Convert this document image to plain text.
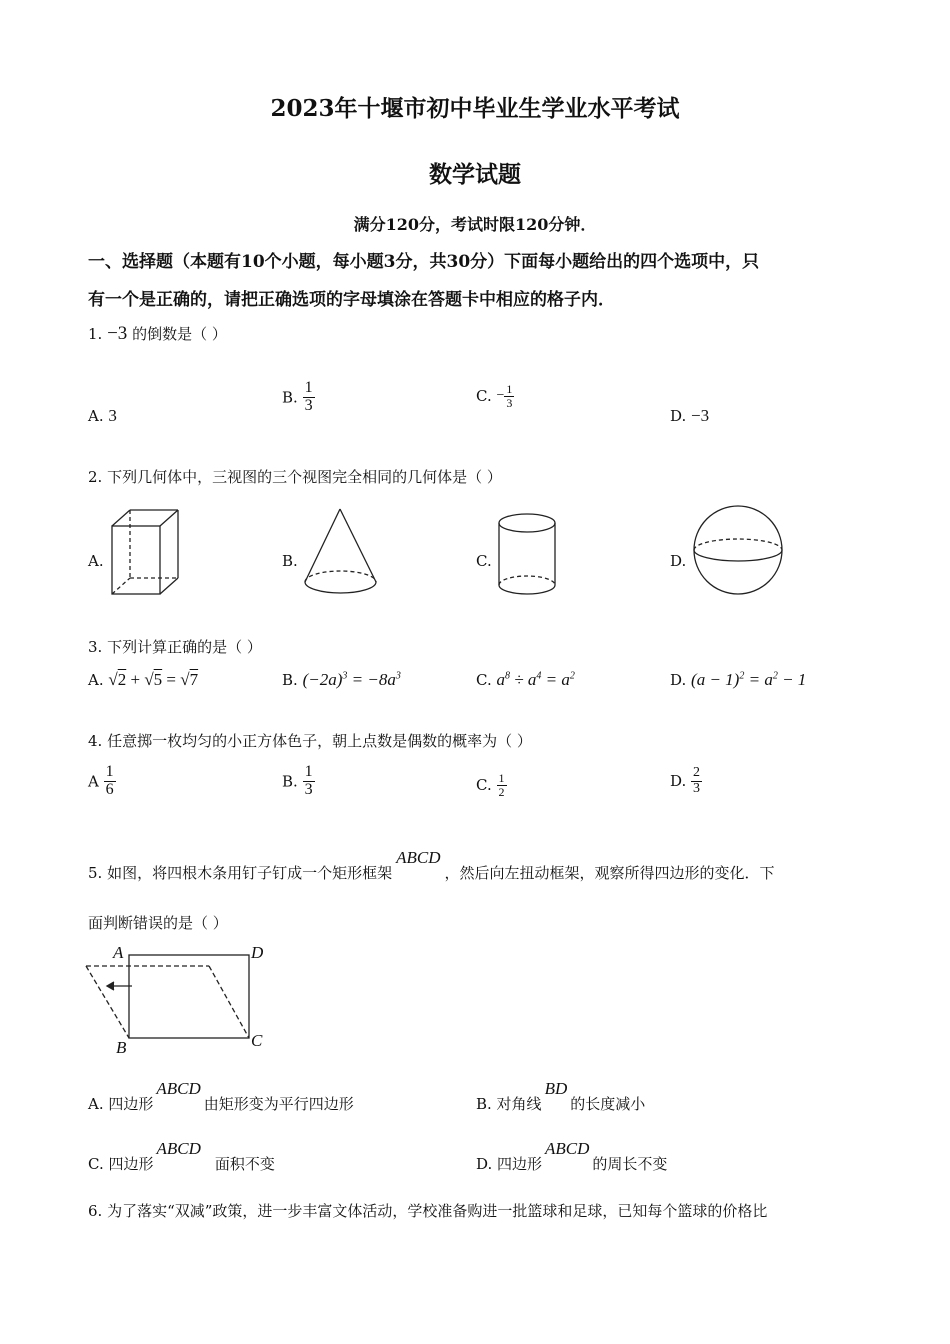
2023年十堰市初中毕业生学业水平考试
数学试题
满分120分，考试时限120分钟．
一、选择题（本题有10个小题，每小题3分，共30分）下面每小题给出的四个选项中，只
有一个是正确的，请把正确选项的字母填涂在答题卡中相应的格子内．
1. −3 的倒数是（ ）
A. 3
B. $\frac{1}{3}$	C. − $\frac{1}{3}$
D. −3
2. 下列几何体中，三视图的三个视图完全相同的几何体是（ ）
A.	B.	C.	D.
3. 下列计算正确的是（ ）
A. √2 + √5 = √7	B. $(-2a)^3 = -8a^3$	C. $a^8 \div a^4 = a^2$	D. $(a - 1)^2 = a^2 - 1$
4. 任意掷一枚均匀的小正方体色子，朝上点数是偶数的概率为（ ）
A $\frac{1}{6}$	B. $\frac{1}{3}$	C. $\frac{1}{2}$	D. $\frac{2}{3}$
5. 如图，将四根木条用钉子钉成一个矩形框架ABCD，然后向左扭动框架，观察所得四边形的变化．下
面判断错误的是（ ）
A	D
B	C
A. 四边形ABCD由矩形变为平行四边形	B. 对角线BD的长度减小
C. 四边形ABCD面积不变	D. 四边形ABCD的周长不变
6. 为了落实“双减”政策，进一步丰富文体活动，学校准备购进一批篮球和足球，已知每个篮球的价格比
